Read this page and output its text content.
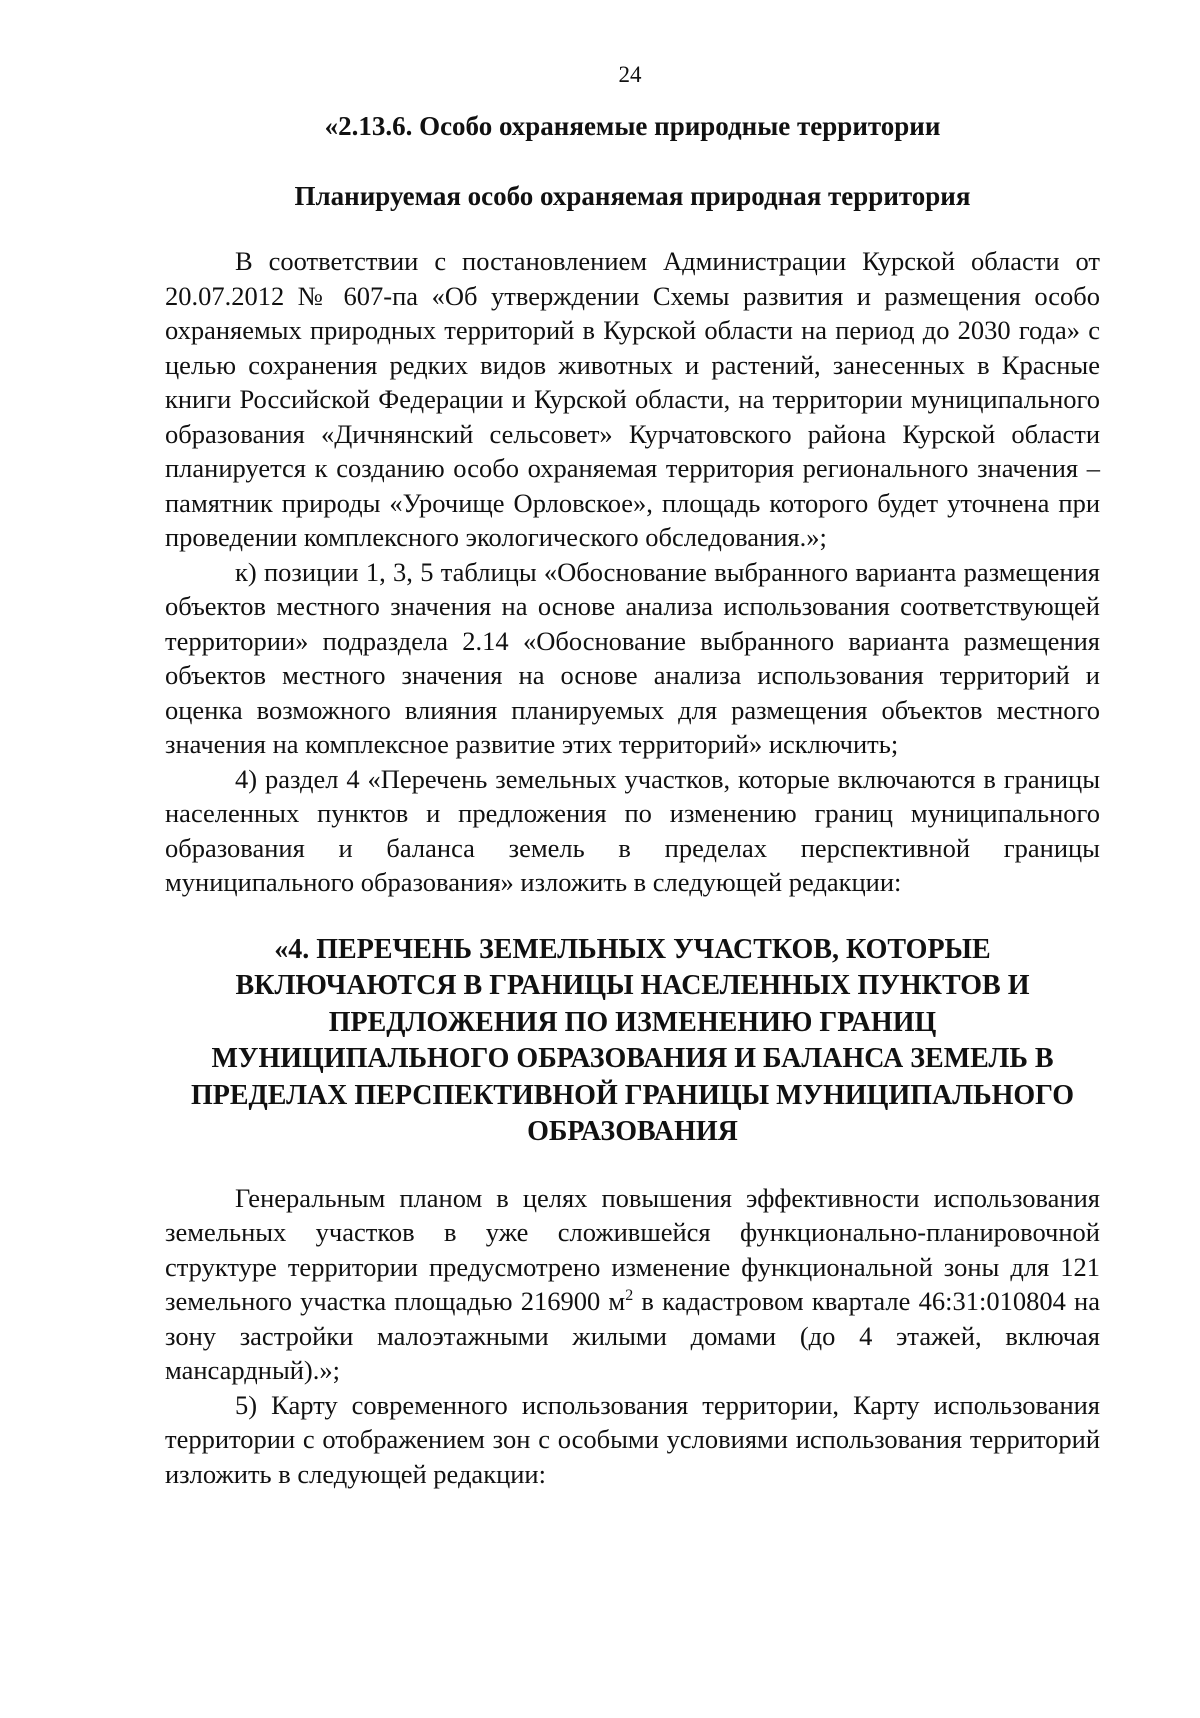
24
«2.13.6. Особо охраняемые природные территории
Планируемая особо охраняемая природная территория

В соответствии с постановлением Администрации Курской области от 20.07.2012 № 607-па «Об утверждении Схемы развития и размещения особо охраняемых природных территорий в Курской области на период до 2030 года» с целью сохранения редких видов животных и растений, занесенных в Красные книги Российской Федерации и Курской области, на территории муниципального образования «Дичнянский сельсовет» Курчатовского района Курской области планируется к созданию особо охраняемая территория регионального значения – памятник природы «Урочище Орловское», площадь которого будет уточнена при проведении комплексного экологического обследования.»;

к) позиции 1, 3, 5 таблицы «Обоснование выбранного варианта размещения объектов местного значения на основе анализа использования соответствующей территории» подраздела 2.14 «Обоснование выбранного варианта размещения объектов местного значения на основе анализа использования территорий и оценка возможного влияния планируемых для размещения объектов местного значения на комплексное развитие этих территорий» исключить;

4) раздел 4 «Перечень земельных участков, которые включаются в границы населенных пунктов и предложения по изменению границ муниципального образования и баланса земель в пределах перспективной границы муниципального образования» изложить в следующей редакции:

«4. ПЕРЕЧЕНЬ ЗЕМЕЛЬНЫХ УЧАСТКОВ, КОТОРЫЕ
ВКЛЮЧАЮТСЯ В ГРАНИЦЫ НАСЕЛЕННЫХ ПУНКТОВ И
ПРЕДЛОЖЕНИЯ ПО ИЗМЕНЕНИЮ ГРАНИЦ
МУНИЦИПАЛЬНОГО ОБРАЗОВАНИЯ И БАЛАНСА ЗЕМЕЛЬ В
ПРЕДЕЛАХ ПЕРСПЕКТИВНОЙ ГРАНИЦЫ МУНИЦИПАЛЬНОГО
ОБРАЗОВАНИЯ

Генеральным планом в целях повышения эффективности использования земельных участков в уже сложившейся функционально-планировочной структуре территории предусмотрено изменение функциональной зоны для 121 земельного участка площадью 216900 $м^2$ в кадастровом квартале 46:31:010804 на зону застройки малоэтажными жилыми домами (до 4 этажей, включая мансардный).»;

5) Карту современного использования территории, Карту использования территории с отображением зон с особыми условиями использования территорий изложить в следующей редакции:
